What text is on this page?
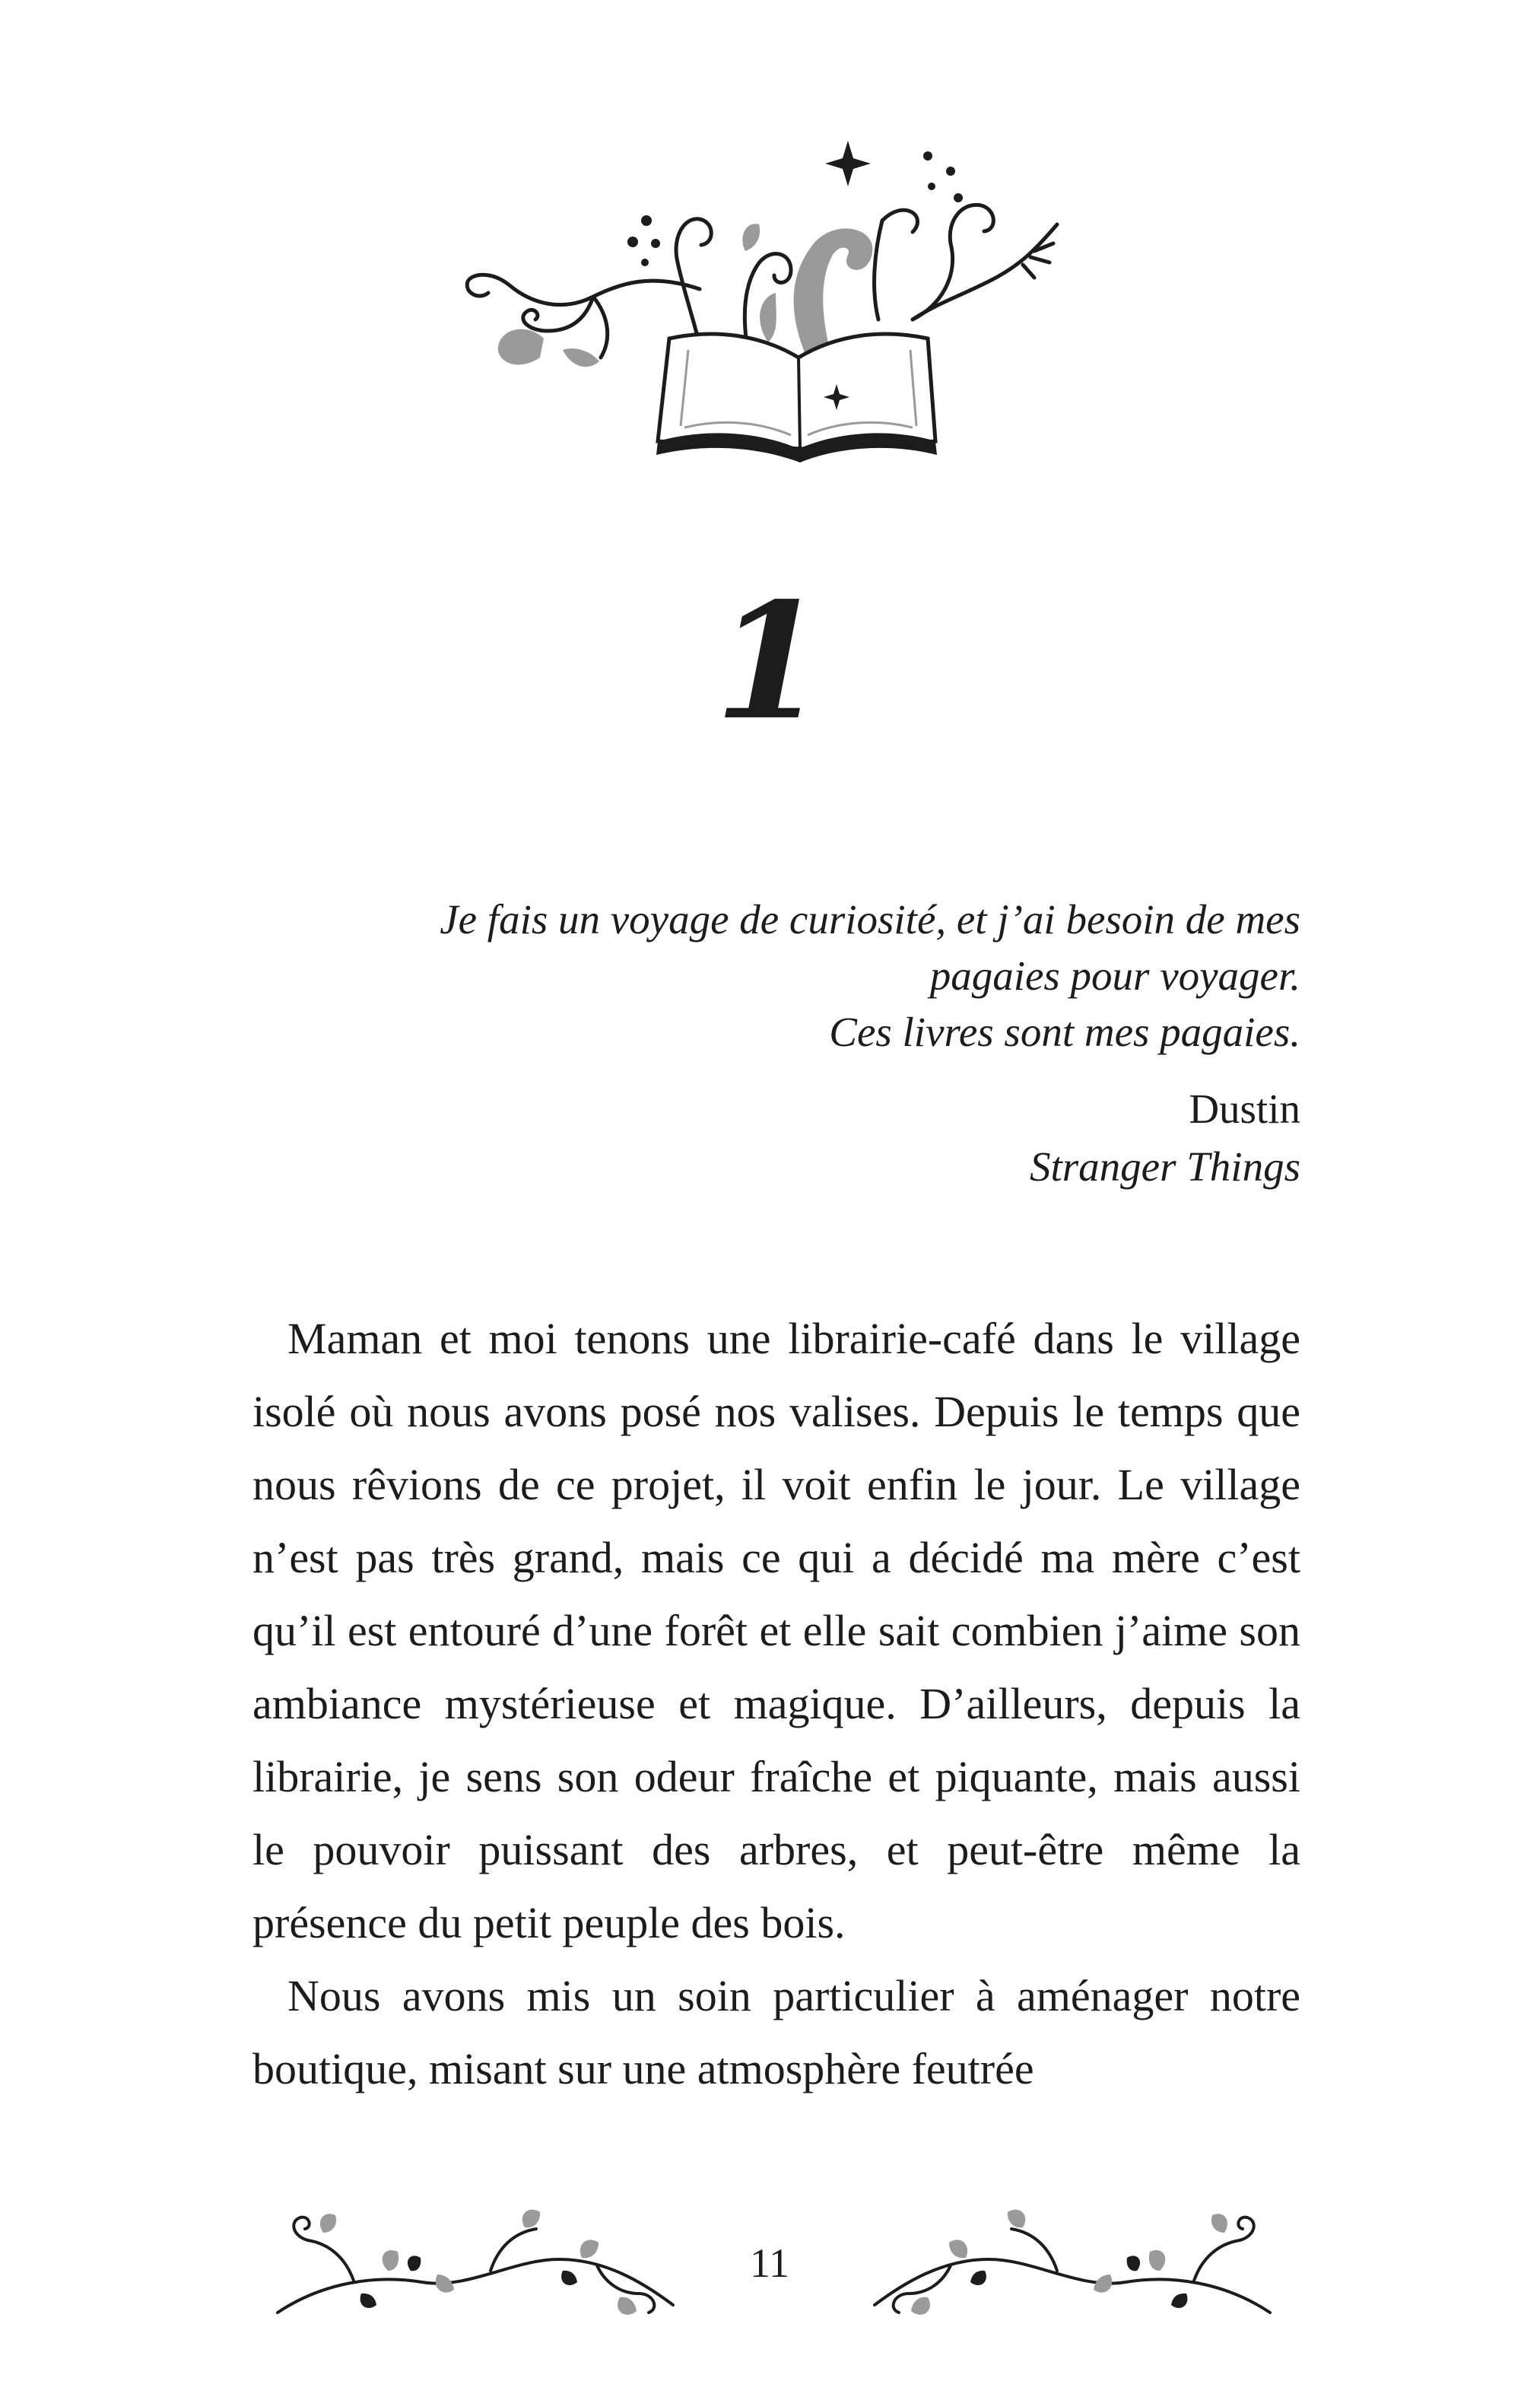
1

Je fais un voyage de curiosité, et j’ai besoin de mes

pagaies pour voyager.

Ces livres sont mes pagaies.

Dustin
Stranger Things

Maman et moi tenons une librairie-café dans le village isolé où nous avons posé nos valises. Depuis le temps que nous rêvions de ce projet, il voit enfin le jour. Le village n’est pas très grand, mais ce qui a décidé ma mère c’est qu’il est entouré d’une forêt et elle sait combien j’aime son ambiance mystérieuse et magique. D’ailleurs, depuis la librairie, je sens son odeur fraîche et piquante, mais aussi le pouvoir puissant des arbres, et peut-être même la présence du petit peuple des bois.

Nous avons mis un soin particulier à aménager notre boutique, misant sur une atmosphère feutrée

11
